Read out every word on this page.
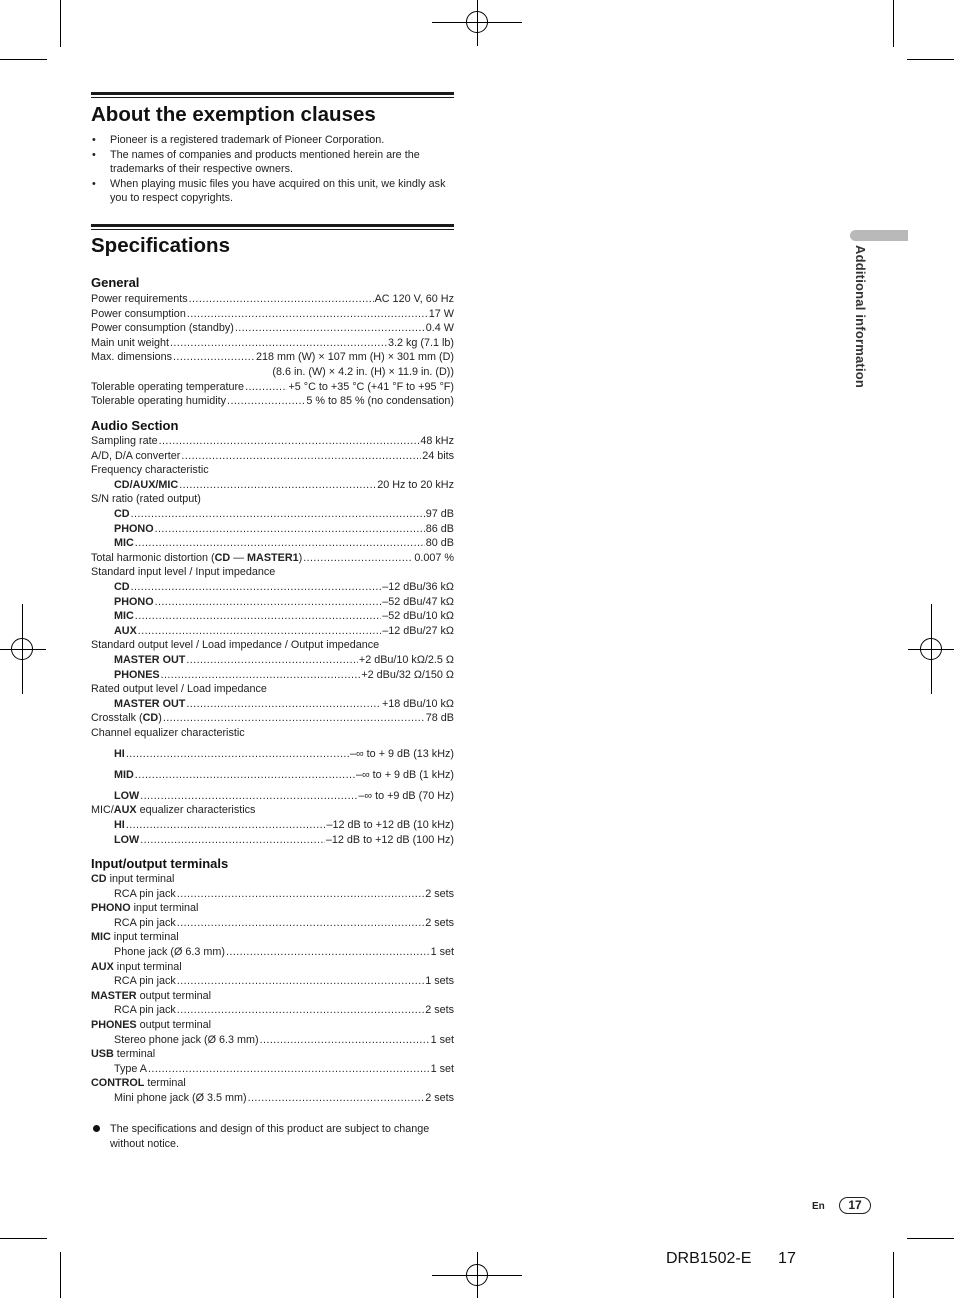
About the exemption clauses
• Pioneer is a registered trademark of Pioneer Corporation.
• The names of companies and products mentioned herein are the trademarks of their respective owners.
• When playing music files you have acquired on this unit, we kindly ask you to respect copyrights.
Specifications
General
Power requirements .....	AC 120 V, 60 Hz
Power consumption .....	17 W
Power consumption (standby) .....	0.4 W
Main unit weight .....	3.2 kg (7.1 lb)
Max. dimensions .....	218 mm (W) × 107 mm (H) × 301 mm (D)
(8.6 in. (W) × 4.2 in. (H) × 11.9 in. (D))
Tolerable operating temperature .....	+5 °C to +35 °C (+41 °F to +95 °F)
Tolerable operating humidity .....	5 % to 85 % (no condensation)
Audio Section
Sampling rate .....	48 kHz
A/D, D/A converter .....	24 bits
Frequency characteristic
CD/AUX/MIC .....	20 Hz to 20 kHz
S/N ratio (rated output)
CD .....	97 dB
PHONO .....	86 dB
MIC .....	80 dB
Total harmonic distortion (CD — MASTER1) .....	0.007 %
Standard input level / Input impedance
CD .....	–12 dBu/36 kΩ
PHONO .....	–52 dBu/47 kΩ
MIC .....	–52 dBu/10 kΩ
AUX .....	–12 dBu/27 kΩ
Standard output level / Load impedance / Output impedance
MASTER OUT .....	+2 dBu/10 kΩ/2.5 Ω
PHONES .....	+2 dBu/32 Ω/150 Ω
Rated output level / Load impedance
MASTER OUT .....	+18 dBu/10 kΩ
Crosstalk (CD) .....	78 dB
Channel equalizer characteristic
HI .....	–∞ to + 9 dB (13 kHz)
MID .....	–∞ to + 9 dB (1 kHz)
LOW .....	–∞ to +9 dB (70 Hz)
MIC/AUX equalizer characteristics
HI .....	–12 dB to +12 dB (10 kHz)
LOW .....	–12 dB to +12 dB (100 Hz)
Input/output terminals
CD input terminal
RCA pin jack .....	2 sets
PHONO input terminal
RCA pin jack .....	2 sets
MIC input terminal
Phone jack (Ø 6.3 mm) .....	1 set
AUX input terminal
RCA pin jack .....	1 sets
MASTER output terminal
RCA pin jack .....	2 sets
PHONES output terminal
Stereo phone jack (Ø 6.3 mm) .....	1 set
USB terminal
Type A .....	1 set
CONTROL terminal
Mini phone jack (Ø 3.5 mm) .....	2 sets
The specifications and design of this product are subject to change without notice.
Additional information
En	17
DRB1502-E      17
